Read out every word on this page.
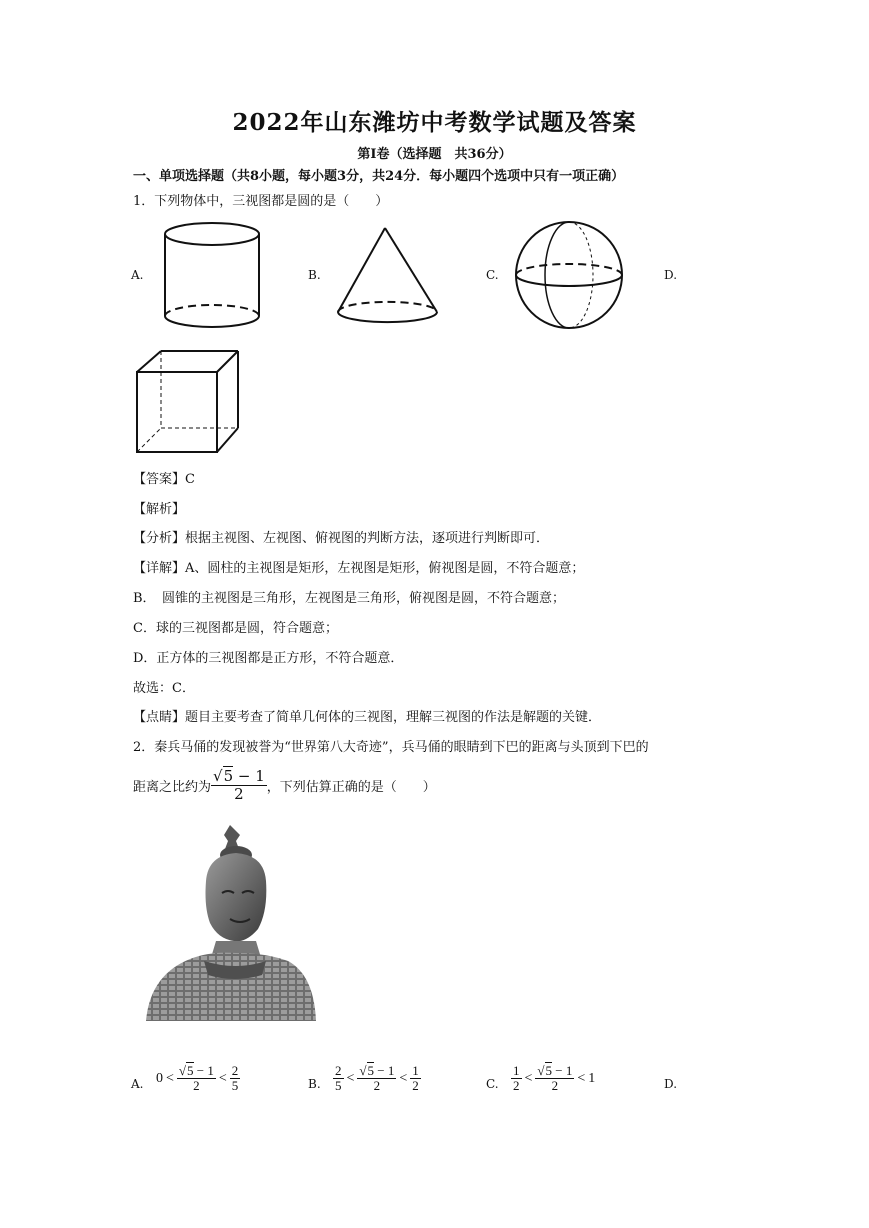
2022年山东潍坊中考数学试题及答案
第Ⅰ卷（选择题　共36分）
一、单项选择题（共8小题，每小题3分，共24分．每小题四个选项中只有一项正确）
1．下列物体中，三视图都是圆的是（　　）
A.	B.	C.	D.
【答案】C
【解析】
【分析】根据主视图、左视图、俯视图的判断方法，逐项进行判断即可．
【详解】A、圆柱的主视图是矩形，左视图是矩形，俯视图是圆，不符合题意；
B．　圆锥的主视图是三角形，左视图是三角形，俯视图是圆，不符合题意；
C．球的三视图都是圆，符合题意；
D．正方体的三视图都是正方形，不符合题意．
故选：C．
【点睛】题目主要考查了简单几何体的三视图，理解三视图的作法是解题的关键．
2．秦兵马俑的发现被誉为“世界第八大奇迹”，兵马俑的眼睛到下巴的距离与头顶到下巴的
距离之比约为 $\frac{√5 - 1}{2}$ ，下列估算正确的是（　　）
A. $0 < \frac{√5 - 1}{2} < \frac{2}{5}$	B. $\frac{2}{5} < \frac{√5 - 1}{2} < \frac{1}{2}$	C. $\frac{1}{2} < \frac{√5 - 1}{2} < 1$	D.
